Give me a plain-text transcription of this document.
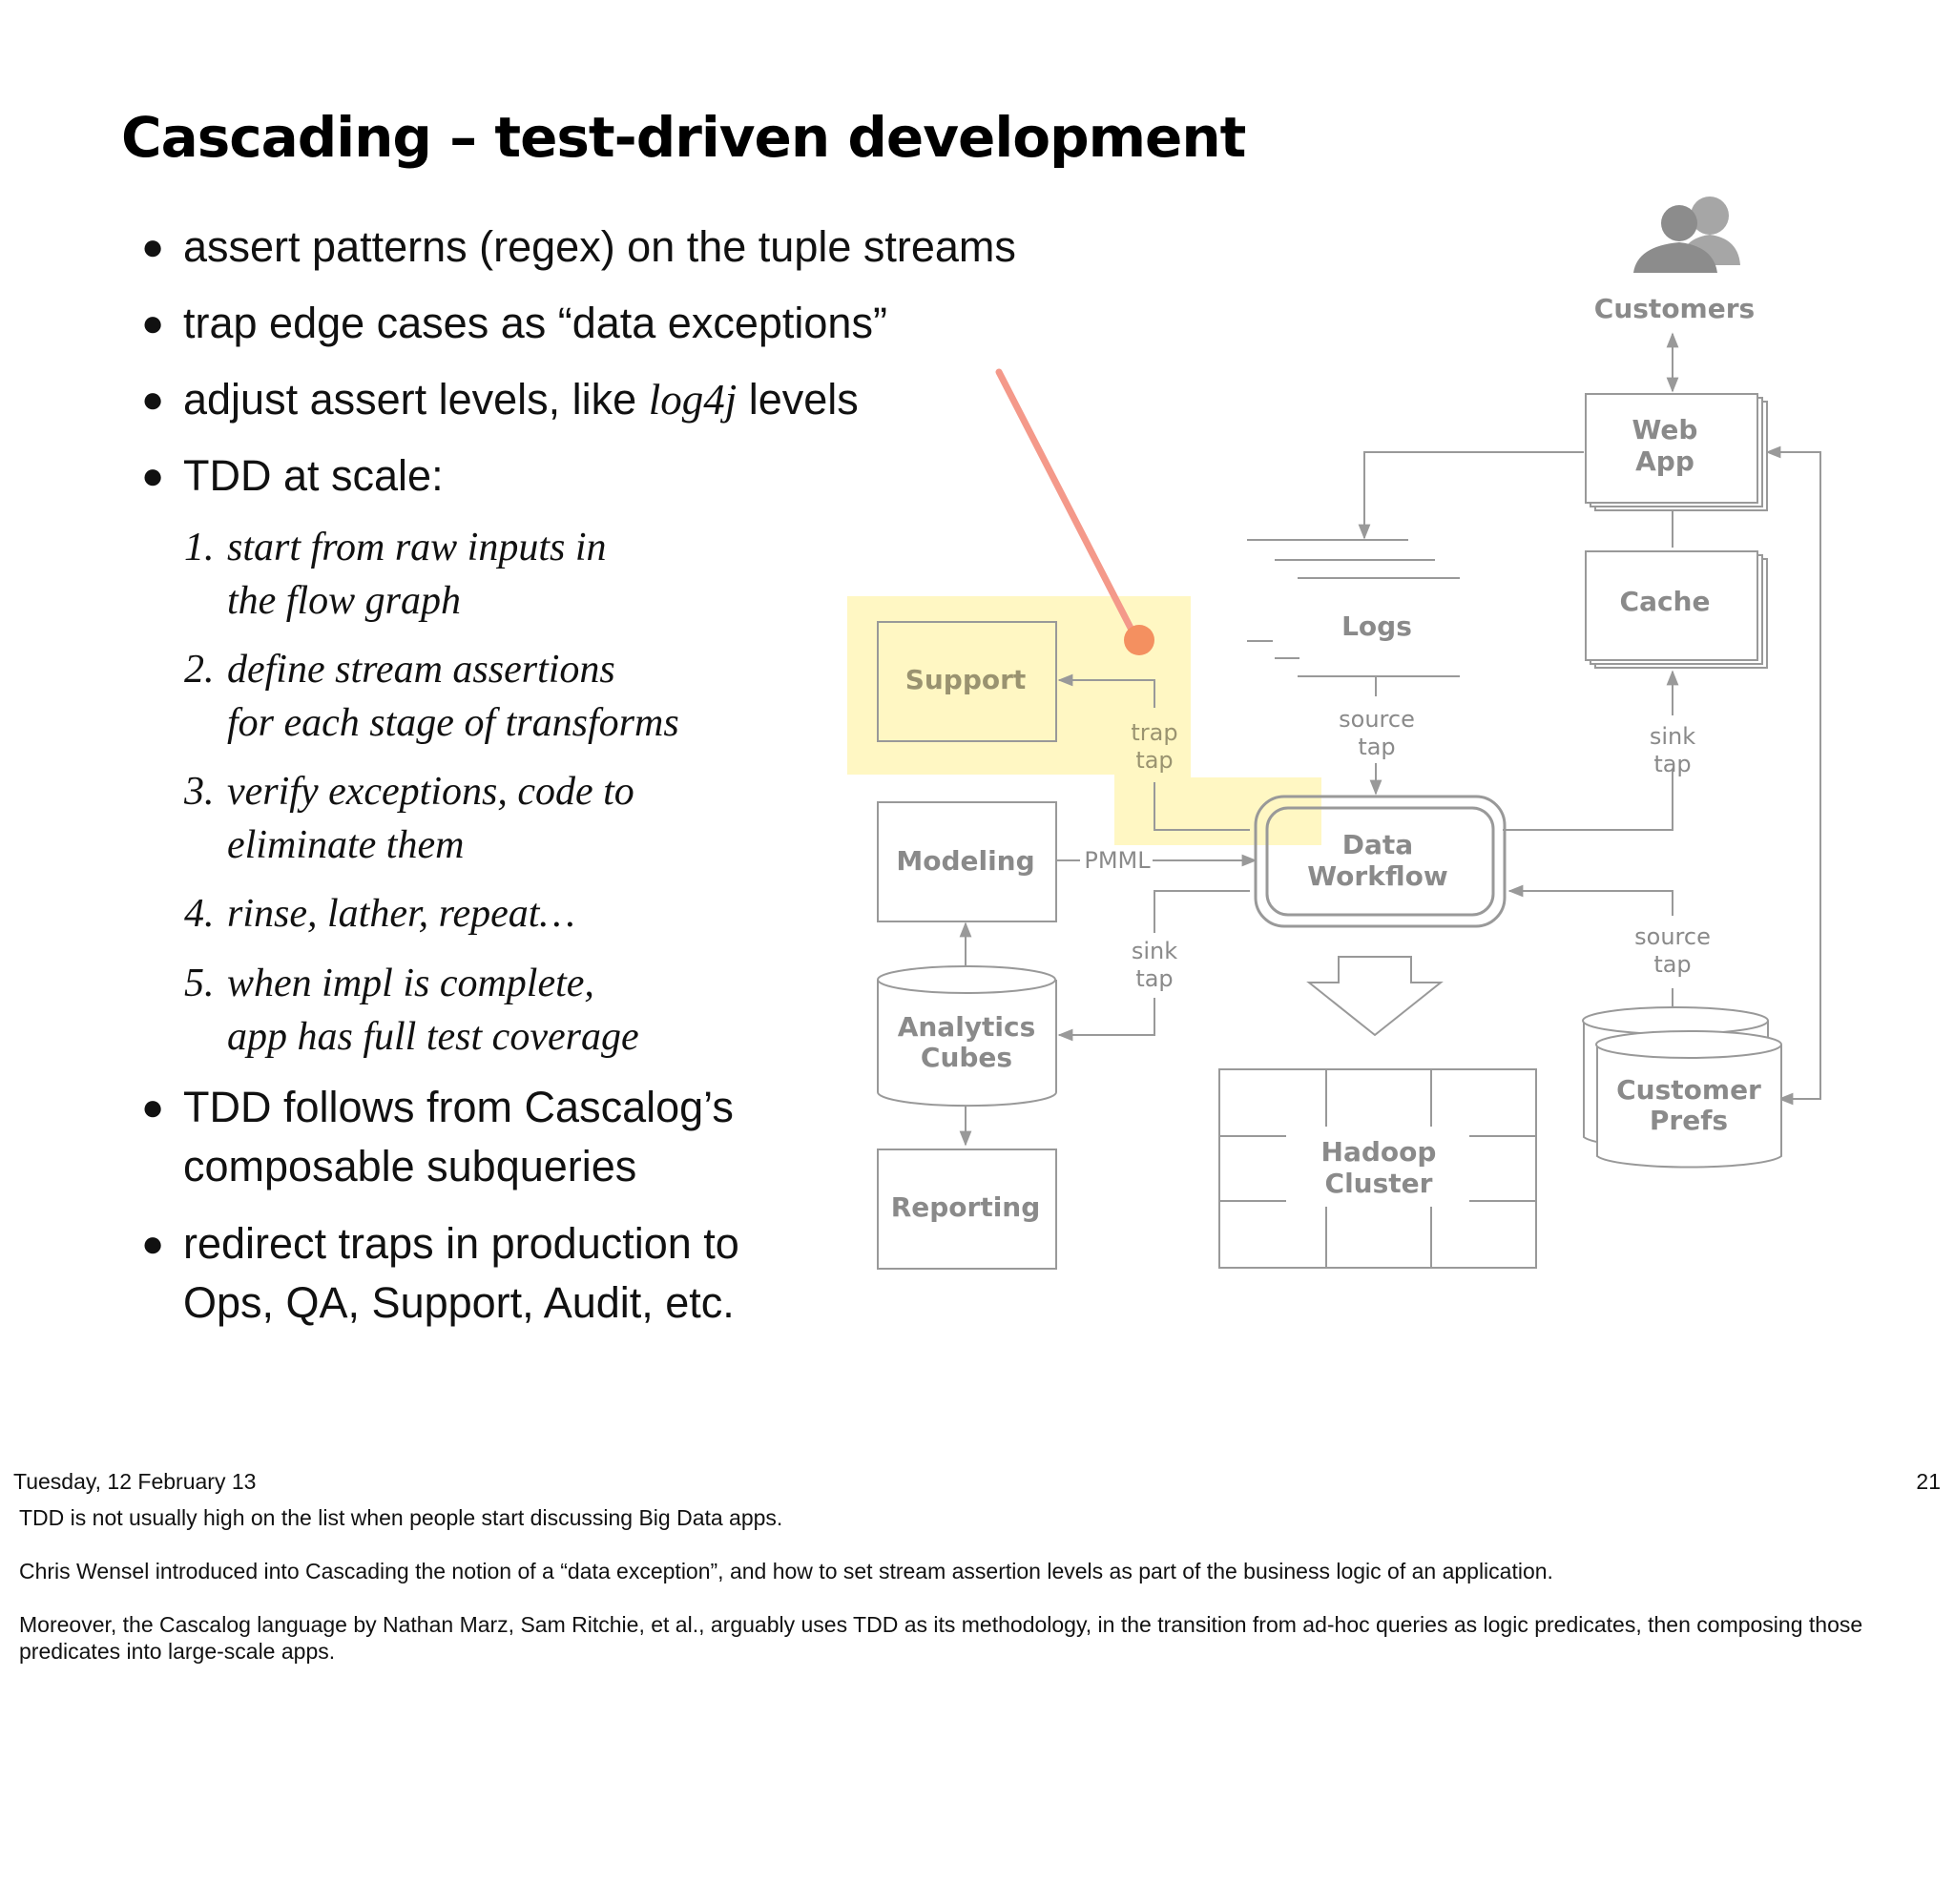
Cascading – test-driven development
● assert patterns (regex) on the tuple streams
● trap edge cases as “data exceptions”
● adjust assert levels, like log4j levels
● TDD at scale:
1. start from raw inputs in
the flow graph
2. define stream assertions
for each stage of transforms
3. verify exceptions, code to
eliminate them
4. rinse, lather, repeat…
5. when impl is complete,
app has full test coverage
● TDD follows from Cascalog’s
composable subqueries
● redirect traps in production to
Ops, QA, Support, Audit, etc.
Customers
Web
App
Cache
Logs
Support
Modeling
Data
Workflow
Analytics
Cubes
Reporting
Hadoop
Cluster
Customer
Prefs
PMML
trap
tap
source
tap	sink
tap
sink
tap
source
tap
Tuesday, 12 February 13	21
TDD is not usually high on the list when people start discussing Big Data apps.
Chris Wensel introduced into Cascading the notion of a “data exception”, and how to set stream assertion levels as part of the business logic of an application.
Moreover, the Cascalog language by Nathan Marz, Sam Ritchie, et al., arguably uses TDD as its methodology, in the transition from ad-hoc queries as logic predicates, then composing those predicates into large-scale apps.
